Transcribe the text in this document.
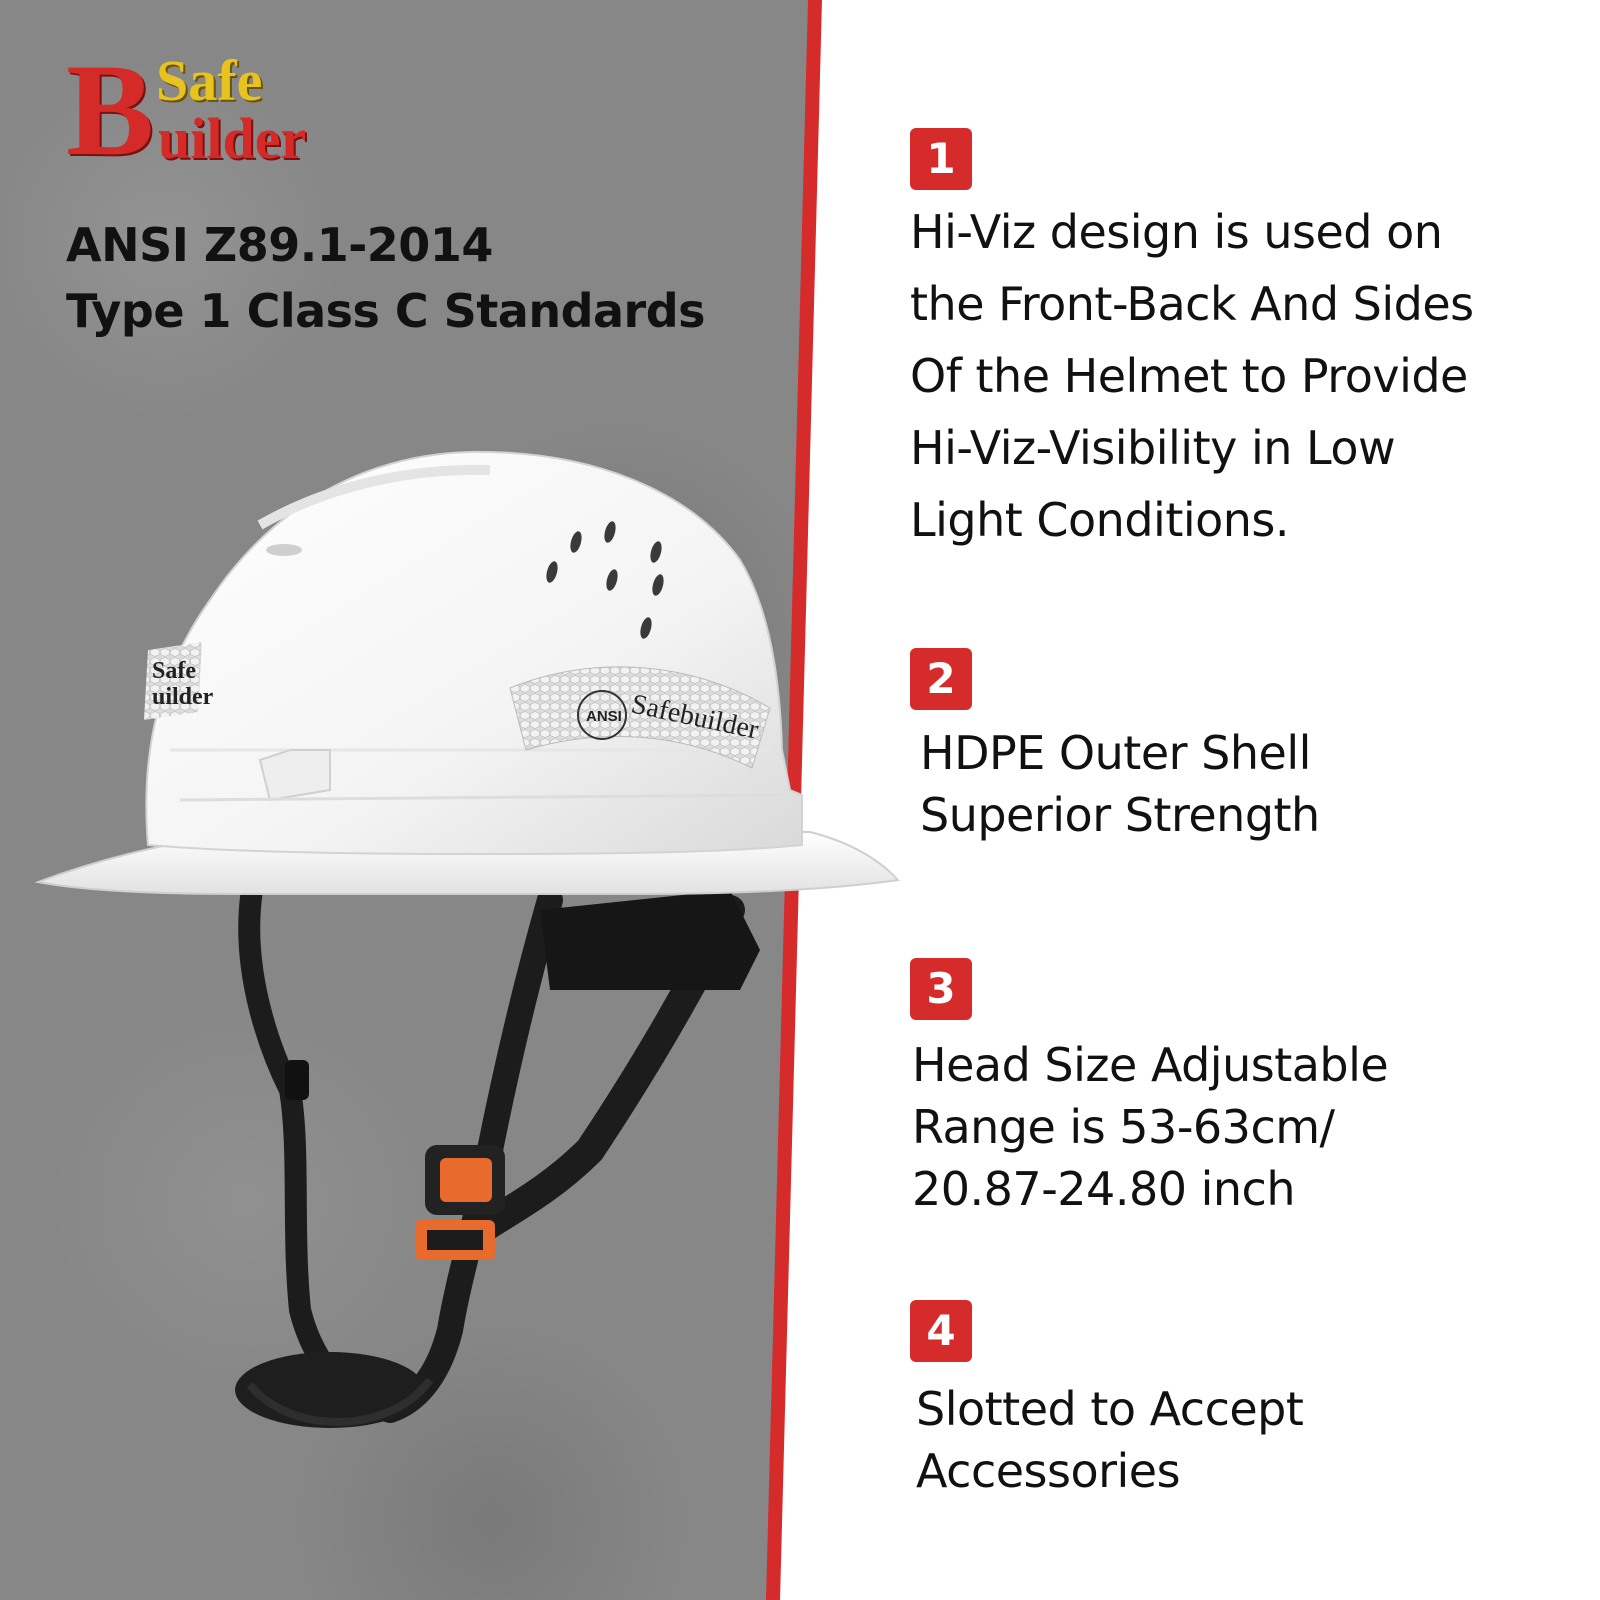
B Safe
uilder
ANSI Z89.1-2014
Type 1 Class C Standards
Safe
uilder
ANSI Safebuilder
1
Hi-Viz design is used on
the Front-Back And Sides
Of the Helmet to Provide
Hi-Viz-Visibility in Low
Light Conditions.
2
HDPE Outer Shell
Superior Strength
3
Head Size Adjustable
Range is 53-63cm/
20.87-24.80 inch
4
Slotted to Accept
Accessories
